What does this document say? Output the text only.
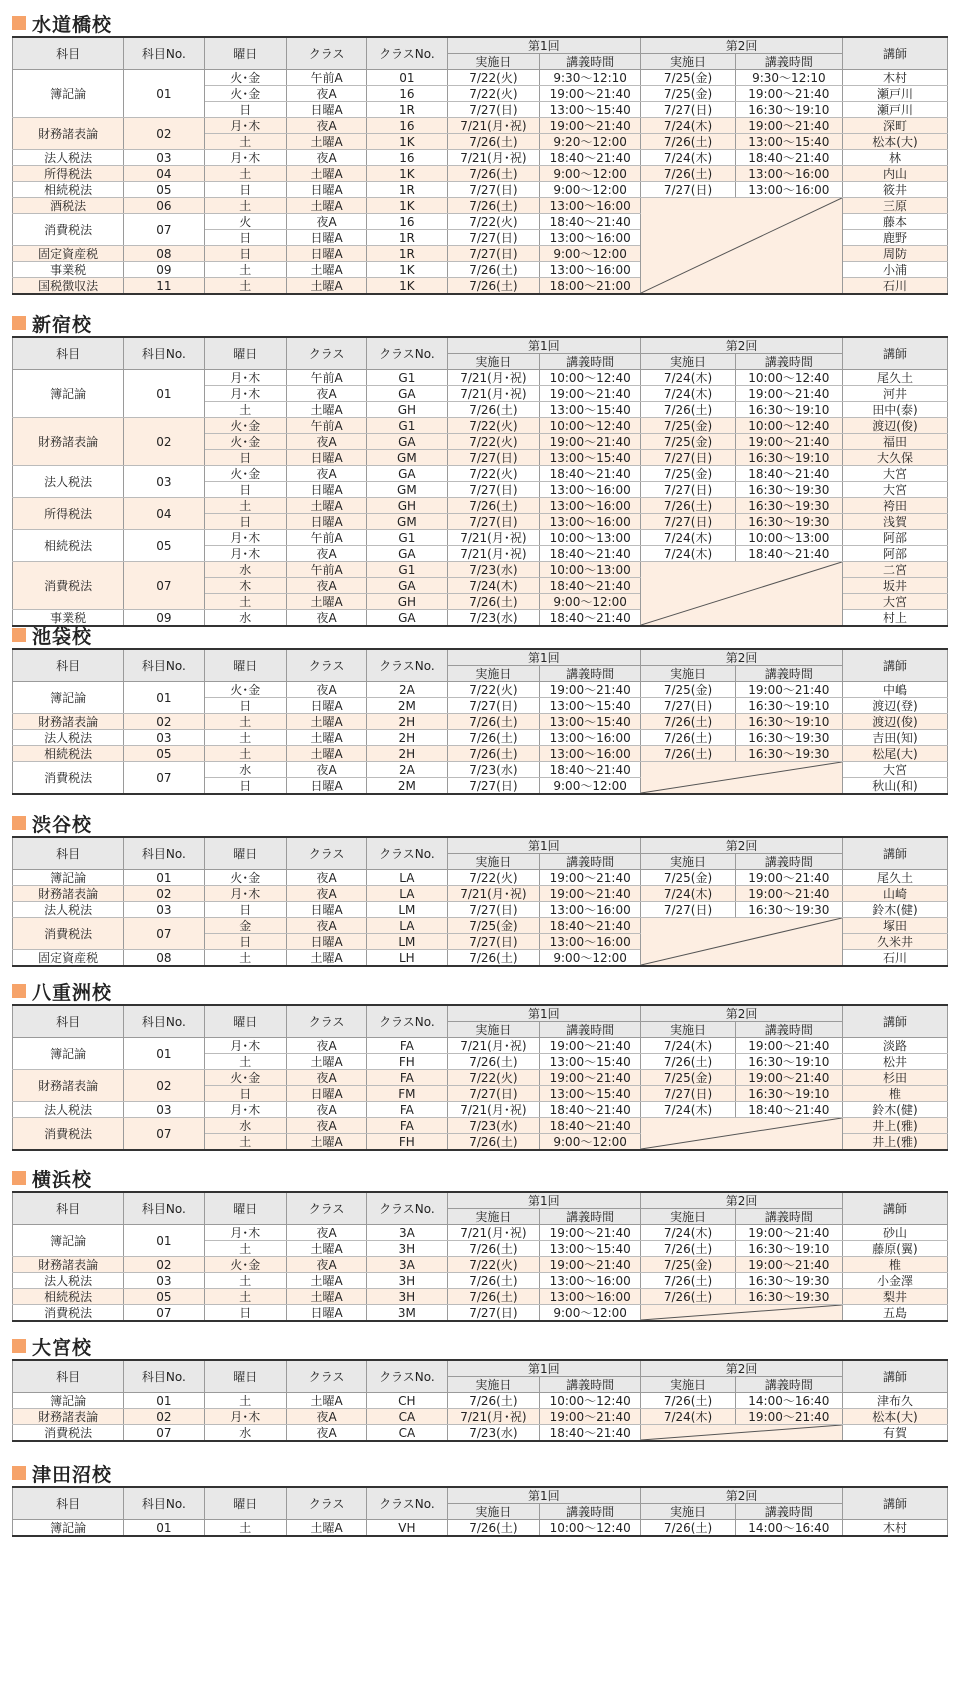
水道橋校
科目	科目No.	曜日	クラス	クラスNo.	第1回		第2回		講師
					実施日	講義時間	実施日	講義時間	
簿記論	01	火･金	午前A	01	7/22(火)	9:30～12:10	7/25(金)	9:30～12:10	木村
		火･金	夜A	16	7/22(火)	19:00～21:40	7/25(金)	19:00～21:40	瀬戸川
		日	日曜A	1R	7/27(日)	13:00～15:40	7/27(日)	16:30～19:10	瀬戸川
財務諸表論	02	月･木	夜A	16	7/21(月･祝)	19:00～21:40	7/24(木)	19:00～21:40	深町
		土	土曜A	1K	7/26(土)	9:20～12:00	7/26(土)	13:00～15:40	松本(大)
法人税法	03	月･木	夜A	16	7/21(月･祝)	18:40～21:40	7/24(木)	18:40～21:40	林
所得税法	04	土	土曜A	1K	7/26(土)	9:00～12:00	7/26(土)	13:00～16:00	内山
相続税法	05	日	日曜A	1R	7/27(日)	9:00～12:00	7/27(日)	13:00～16:00	筱井
酒税法	06	土	土曜A	1K	7/26(土)	13:00～16:00			三原
消費税法	07	火	夜A	16	7/22(火)	18:40～21:40			藤本
		日	日曜A	1R	7/27(日)	13:00～16:00			鹿野
固定資産税	08	日	日曜A	1R	7/27(日)	9:00～12:00			周防
事業税	09	土	土曜A	1K	7/26(土)	13:00～16:00			小浦
国税徴収法	11	土	土曜A	1K	7/26(土)	18:00～21:00			石川
新宿校
科目	科目No.	曜日	クラス	クラスNo.	第1回		第2回		講師
					実施日	講義時間	実施日	講義時間	
簿記論	01	月･木	午前A	G1	7/21(月･祝)	10:00～12:40	7/24(木)	10:00～12:40	尾久土
		月･木	夜A	GA	7/21(月･祝)	19:00～21:40	7/24(木)	19:00～21:40	河井
		土	土曜A	GH	7/26(土)	13:00～15:40	7/26(土)	16:30～19:10	田中(泰)
財務諸表論	02	火･金	午前A	G1	7/22(火)	10:00～12:40	7/25(金)	10:00～12:40	渡辺(俊)
		火･金	夜A	GA	7/22(火)	19:00～21:40	7/25(金)	19:00～21:40	福田
		日	日曜A	GM	7/27(日)	13:00～15:40	7/27(日)	16:30～19:10	大久保
法人税法	03	火･金	夜A	GA	7/22(火)	18:40～21:40	7/25(金)	18:40～21:40	大宮
		日	日曜A	GM	7/27(日)	13:00～16:00	7/27(日)	16:30～19:30	大宮
所得税法	04	土	土曜A	GH	7/26(土)	13:00～16:00	7/26(土)	16:30～19:30	袴田
		日	日曜A	GM	7/27(日)	13:00～16:00	7/27(日)	16:30～19:30	浅賀
相続税法	05	月･木	午前A	G1	7/21(月･祝)	10:00～13:00	7/24(木)	10:00～13:00	阿部
		月･木	夜A	GA	7/21(月･祝)	18:40～21:40	7/24(木)	18:40～21:40	阿部
消費税法	07	水	午前A	G1	7/23(水)	10:00～13:00			二宮
		木	夜A	GA	7/24(木)	18:40～21:40			坂井
		土	土曜A	GH	7/26(土)	9:00～12:00			大宮
事業税	09	水	夜A	GA	7/23(水)	18:40～21:40			村上
池袋校
科目	科目No.	曜日	クラス	クラスNo.	第1回		第2回		講師
					実施日	講義時間	実施日	講義時間	
簿記論	01	火･金	夜A	2A	7/22(火)	19:00～21:40	7/25(金)	19:00～21:40	中嶋
		日	日曜A	2M	7/27(日)	13:00～15:40	7/27(日)	16:30～19:10	渡辺(登)
財務諸表論	02	土	土曜A	2H	7/26(土)	13:00～15:40	7/26(土)	16:30～19:10	渡辺(俊)
法人税法	03	土	土曜A	2H	7/26(土)	13:00～16:00	7/26(土)	16:30～19:30	吉田(知)
相続税法	05	土	土曜A	2H	7/26(土)	13:00～16:00	7/26(土)	16:30～19:30	松尾(大)
消費税法	07	水	夜A	2A	7/23(水)	18:40～21:40			大宮
		日	日曜A	2M	7/27(日)	9:00～12:00			秋山(和)
渋谷校
科目	科目No.	曜日	クラス	クラスNo.	第1回		第2回		講師
					実施日	講義時間	実施日	講義時間	
簿記論	01	火･金	夜A	LA	7/22(火)	19:00～21:40	7/25(金)	19:00～21:40	尾久土
財務諸表論	02	月･木	夜A	LA	7/21(月･祝)	19:00～21:40	7/24(木)	19:00～21:40	山崎
法人税法	03	日	日曜A	LM	7/27(日)	13:00～16:00	7/27(日)	16:30～19:30	鈴木(健)
消費税法	07	金	夜A	LA	7/25(金)	18:40～21:40			塚田
		日	日曜A	LM	7/27(日)	13:00～16:00			久米井
固定資産税	08	土	土曜A	LH	7/26(土)	9:00～12:00			石川
八重洲校
科目	科目No.	曜日	クラス	クラスNo.	第1回		第2回		講師
					実施日	講義時間	実施日	講義時間	
簿記論	01	月･木	夜A	FA	7/21(月･祝)	19:00～21:40	7/24(木)	19:00～21:40	淡路
		土	土曜A	FH	7/26(土)	13:00～15:40	7/26(土)	16:30～19:10	松井
財務諸表論	02	火･金	夜A	FA	7/22(火)	19:00～21:40	7/25(金)	19:00～21:40	杉田
		日	日曜A	FM	7/27(日)	13:00～15:40	7/27(日)	16:30～19:10	椎
法人税法	03	月･木	夜A	FA	7/21(月･祝)	18:40～21:40	7/24(木)	18:40～21:40	鈴木(健)
消費税法	07	水	夜A	FA	7/23(水)	18:40～21:40			井上(雅)
		土	土曜A	FH	7/26(土)	9:00～12:00			井上(雅)
横浜校
科目	科目No.	曜日	クラス	クラスNo.	第1回		第2回		講師
					実施日	講義時間	実施日	講義時間	
簿記論	01	月･木	夜A	3A	7/21(月･祝)	19:00～21:40	7/24(木)	19:00～21:40	砂山
		土	土曜A	3H	7/26(土)	13:00～15:40	7/26(土)	16:30～19:10	藤原(翼)
財務諸表論	02	火･金	夜A	3A	7/22(火)	19:00～21:40	7/25(金)	19:00～21:40	椎
法人税法	03	土	土曜A	3H	7/26(土)	13:00～16:00	7/26(土)	16:30～19:30	小金澤
相続税法	05	土	土曜A	3H	7/26(土)	13:00～16:00	7/26(土)	16:30～19:30	梨井
消費税法	07	日	日曜A	3M	7/27(日)	9:00～12:00			五島
大宮校
科目	科目No.	曜日	クラス	クラスNo.	第1回		第2回		講師
					実施日	講義時間	実施日	講義時間	
簿記論	01	土	土曜A	CH	7/26(土)	10:00～12:40	7/26(土)	14:00～16:40	津布久
財務諸表論	02	月･木	夜A	CA	7/21(月･祝)	19:00～21:40	7/24(木)	19:00～21:40	松本(大)
消費税法	07	水	夜A	CA	7/23(水)	18:40～21:40			有賀
津田沼校
科目	科目No.	曜日	クラス	クラスNo.	第1回		第2回		講師
					実施日	講義時間	実施日	講義時間	
簿記論	01	土	土曜A	VH	7/26(土)	10:00～12:40	7/26(土)	14:00～16:40	木村
